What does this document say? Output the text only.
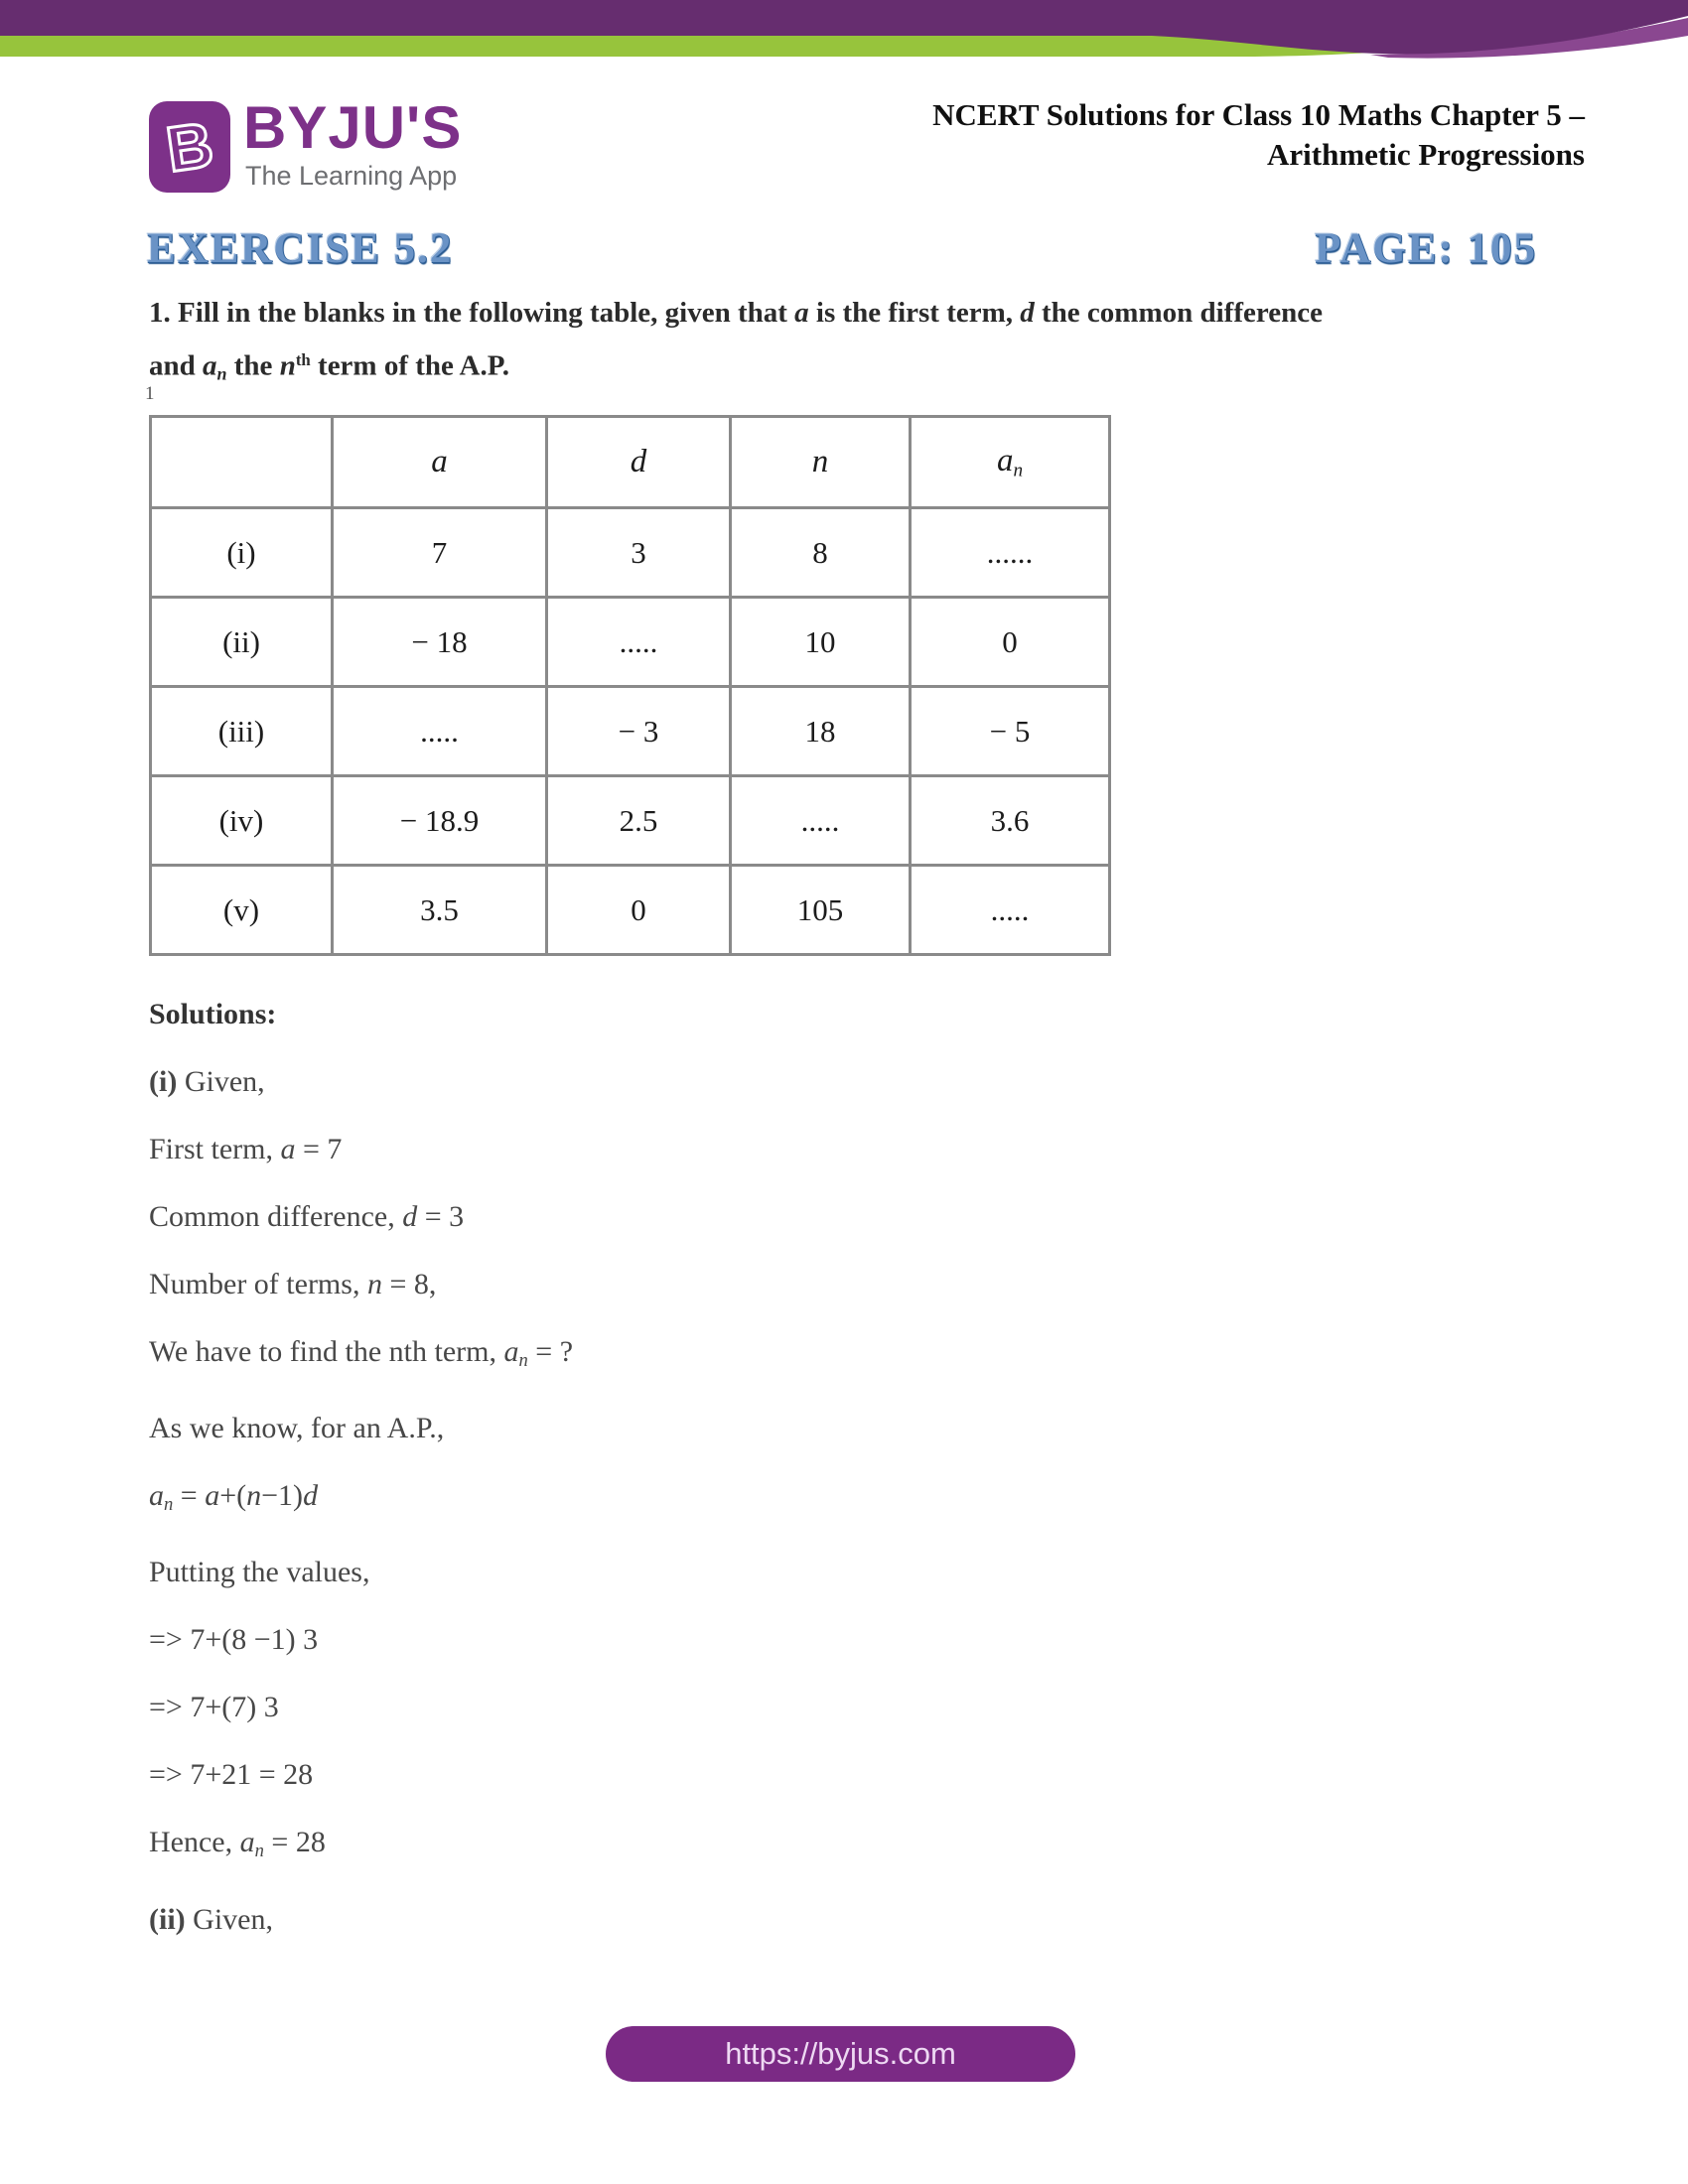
B BYJU'S
The Learning App
NCERT Solutions for Class 10 Maths Chapter 5 –
Arithmetic Progressions
EXERCISE 5.2	PAGE: 105
1. Fill in the blanks in the following table, given that a is the first term, d the common difference
and an the $n^{th}$ term of the A.P.
1
	a	d	n	an
(i)	7	3	8	......
(ii)	− 18	.....	10	0
(iii)	.....	− 3	18	− 5
(iv)	− 18.9	2.5	.....	3.6
(v)	3.5	0	105	.....

Solutions:

(i) Given,

First term, a = 7

Common difference, d = 3

Number of terms, n = 8,

We have to find the nth term, an = ?

As we know, for an A.P.,

an = a+(n−1)d

Putting the values,

=> 7+(8 −1) 3

=> 7+(7) 3

=> 7+21 = 28

Hence, an = 28

(ii) Given,

https://byjus.com
